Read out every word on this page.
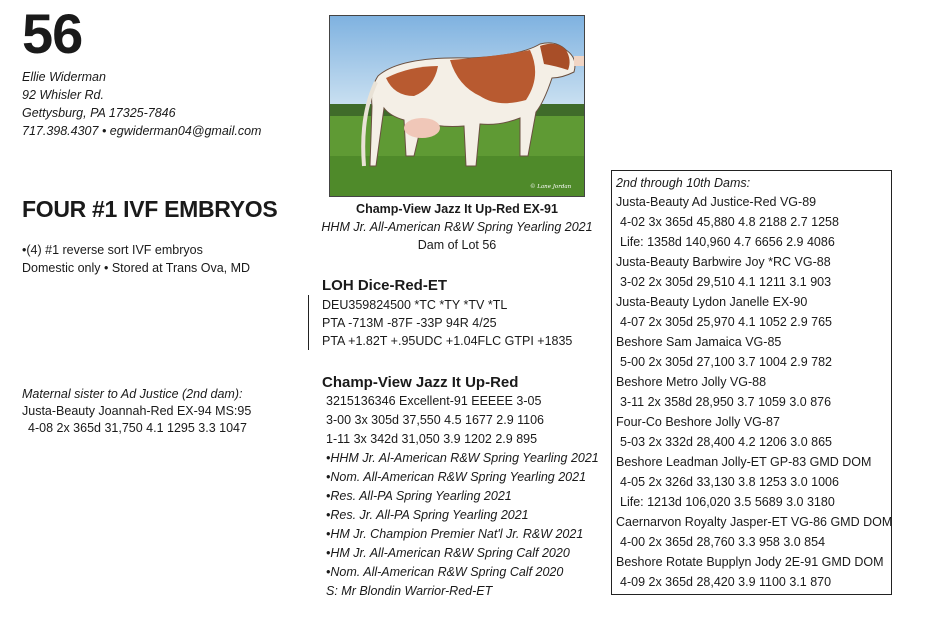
56
Ellie Widerman
92 Whisler Rd.
Gettysburg, PA 17325-7846
717.398.4307 • egwiderman04@gmail.com
FOUR #1 IVF EMBRYOS
•(4) #1 reverse sort IVF embryos
Domestic only • Stored at Trans Ova, MD
Maternal sister to Ad Justice (2nd dam):
Justa-Beauty Joannah-Red EX-94 MS:95
4-08 2x 365d 31,750 4.1 1295 3.3 1047
© Lane Jordan
Champ-View Jazz It Up-Red EX-91
HHM Jr. All-American R&W Spring Yearling 2021
Dam of Lot 56
LOH Dice-Red-ET
DEU359824500 *TC *TY *TV *TL
PTA -713M -87F -33P 94R 4/25
PTA +1.82T +.95UDC +1.04FLC GTPI +1835
Champ-View Jazz It Up-Red
3215136346 Excellent-91 EEEEE 3-05
3-00 3x 305d 37,550 4.5 1677 2.9 1106
1-11 3x 342d 31,050 3.9 1202 2.9 895
•HHM Jr. Al-American R&W Spring Yearling 2021
•Nom. All-American R&W Spring Yearling 2021
•Res. All-PA Spring Yearling 2021
•Res. Jr. All-PA Spring Yearling 2021
•HM Jr. Champion Premier Nat'l Jr. R&W 2021
•HM Jr. All-American R&W Spring Calf 2020
•Nom. All-American R&W Spring Calf 2020
S: Mr Blondin Warrior-Red-ET
2nd through 10th Dams:
Justa-Beauty Ad Justice-Red VG-89
4-02 3x 365d 45,880 4.8 2188 2.7 1258
Life: 1358d 140,960 4.7 6656 2.9 4086
Justa-Beauty Barbwire Joy *RC VG-88
3-02 2x 305d 29,510 4.1 1211 3.1 903
Justa-Beauty Lydon Janelle EX-90
4-07 2x 305d 25,970 4.1 1052 2.9 765
Beshore Sam Jamaica VG-85
5-00 2x 305d 27,100 3.7 1004 2.9 782
Beshore Metro Jolly VG-88
3-11 2x 358d 28,950 3.7 1059 3.0 876
Four-Co Beshore Jolly VG-87
5-03 2x 332d 28,400 4.2 1206 3.0 865
Beshore Leadman Jolly-ET GP-83 GMD DOM
4-05 2x 326d 33,130 3.8 1253 3.0 1006
Life: 1213d 106,020 3.5 5689 3.0 3180
Caernarvon Royalty Jasper-ET VG-86 GMD DOM
4-00 2x 365d 28,760 3.3 958 3.0 854
Beshore Rotate Bupplyn Jody 2E-91 GMD DOM
4-09 2x 365d 28,420 3.9 1100 3.1 870
